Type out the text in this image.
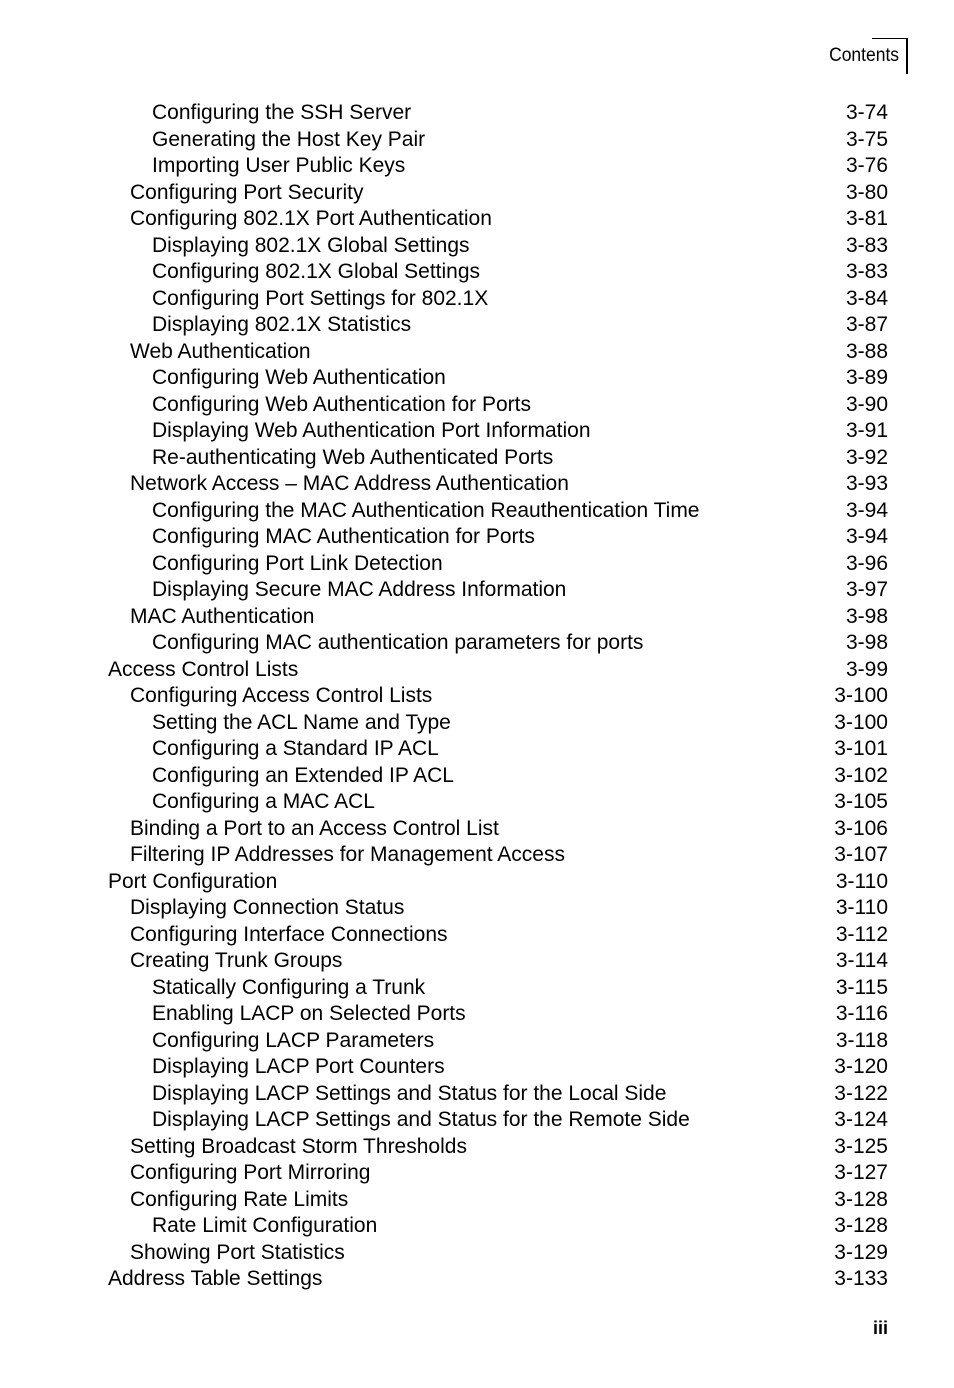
Contents
Configuring the SSH Server	3-74
Generating the Host Key Pair	3-75
Importing User Public Keys	3-76
Configuring Port Security	3-80
Configuring 802.1X Port Authentication	3-81
Displaying 802.1X Global Settings	3-83
Configuring 802.1X Global Settings	3-83
Configuring Port Settings for 802.1X	3-84
Displaying 802.1X Statistics	3-87
Web Authentication	3-88
Configuring Web Authentication	3-89
Configuring Web Authentication for Ports	3-90
Displaying Web Authentication Port Information	3-91
Re-authenticating Web Authenticated Ports	3-92
Network Access – MAC Address Authentication	3-93
Configuring the MAC Authentication Reauthentication Time	3-94
Configuring MAC Authentication for Ports	3-94
Configuring Port Link Detection	3-96
Displaying Secure MAC Address Information	3-97
MAC Authentication	3-98
Configuring MAC authentication parameters for ports	3-98
Access Control Lists	3-99
Configuring Access Control Lists	3-100
Setting the ACL Name and Type	3-100
Configuring a Standard IP ACL	3-101
Configuring an Extended IP ACL	3-102
Configuring a MAC ACL	3-105
Binding a Port to an Access Control List	3-106
Filtering IP Addresses for Management Access	3-107
Port Configuration	3-110
Displaying Connection Status	3-110
Configuring Interface Connections	3-112
Creating Trunk Groups	3-114
Statically Configuring a Trunk	3-115
Enabling LACP on Selected Ports	3-116
Configuring LACP Parameters	3-118
Displaying LACP Port Counters	3-120
Displaying LACP Settings and Status for the Local Side	3-122
Displaying LACP Settings and Status for the Remote Side	3-124
Setting Broadcast Storm Thresholds	3-125
Configuring Port Mirroring	3-127
Configuring Rate Limits	3-128
Rate Limit Configuration	3-128
Showing Port Statistics	3-129
Address Table Settings	3-133
iii
